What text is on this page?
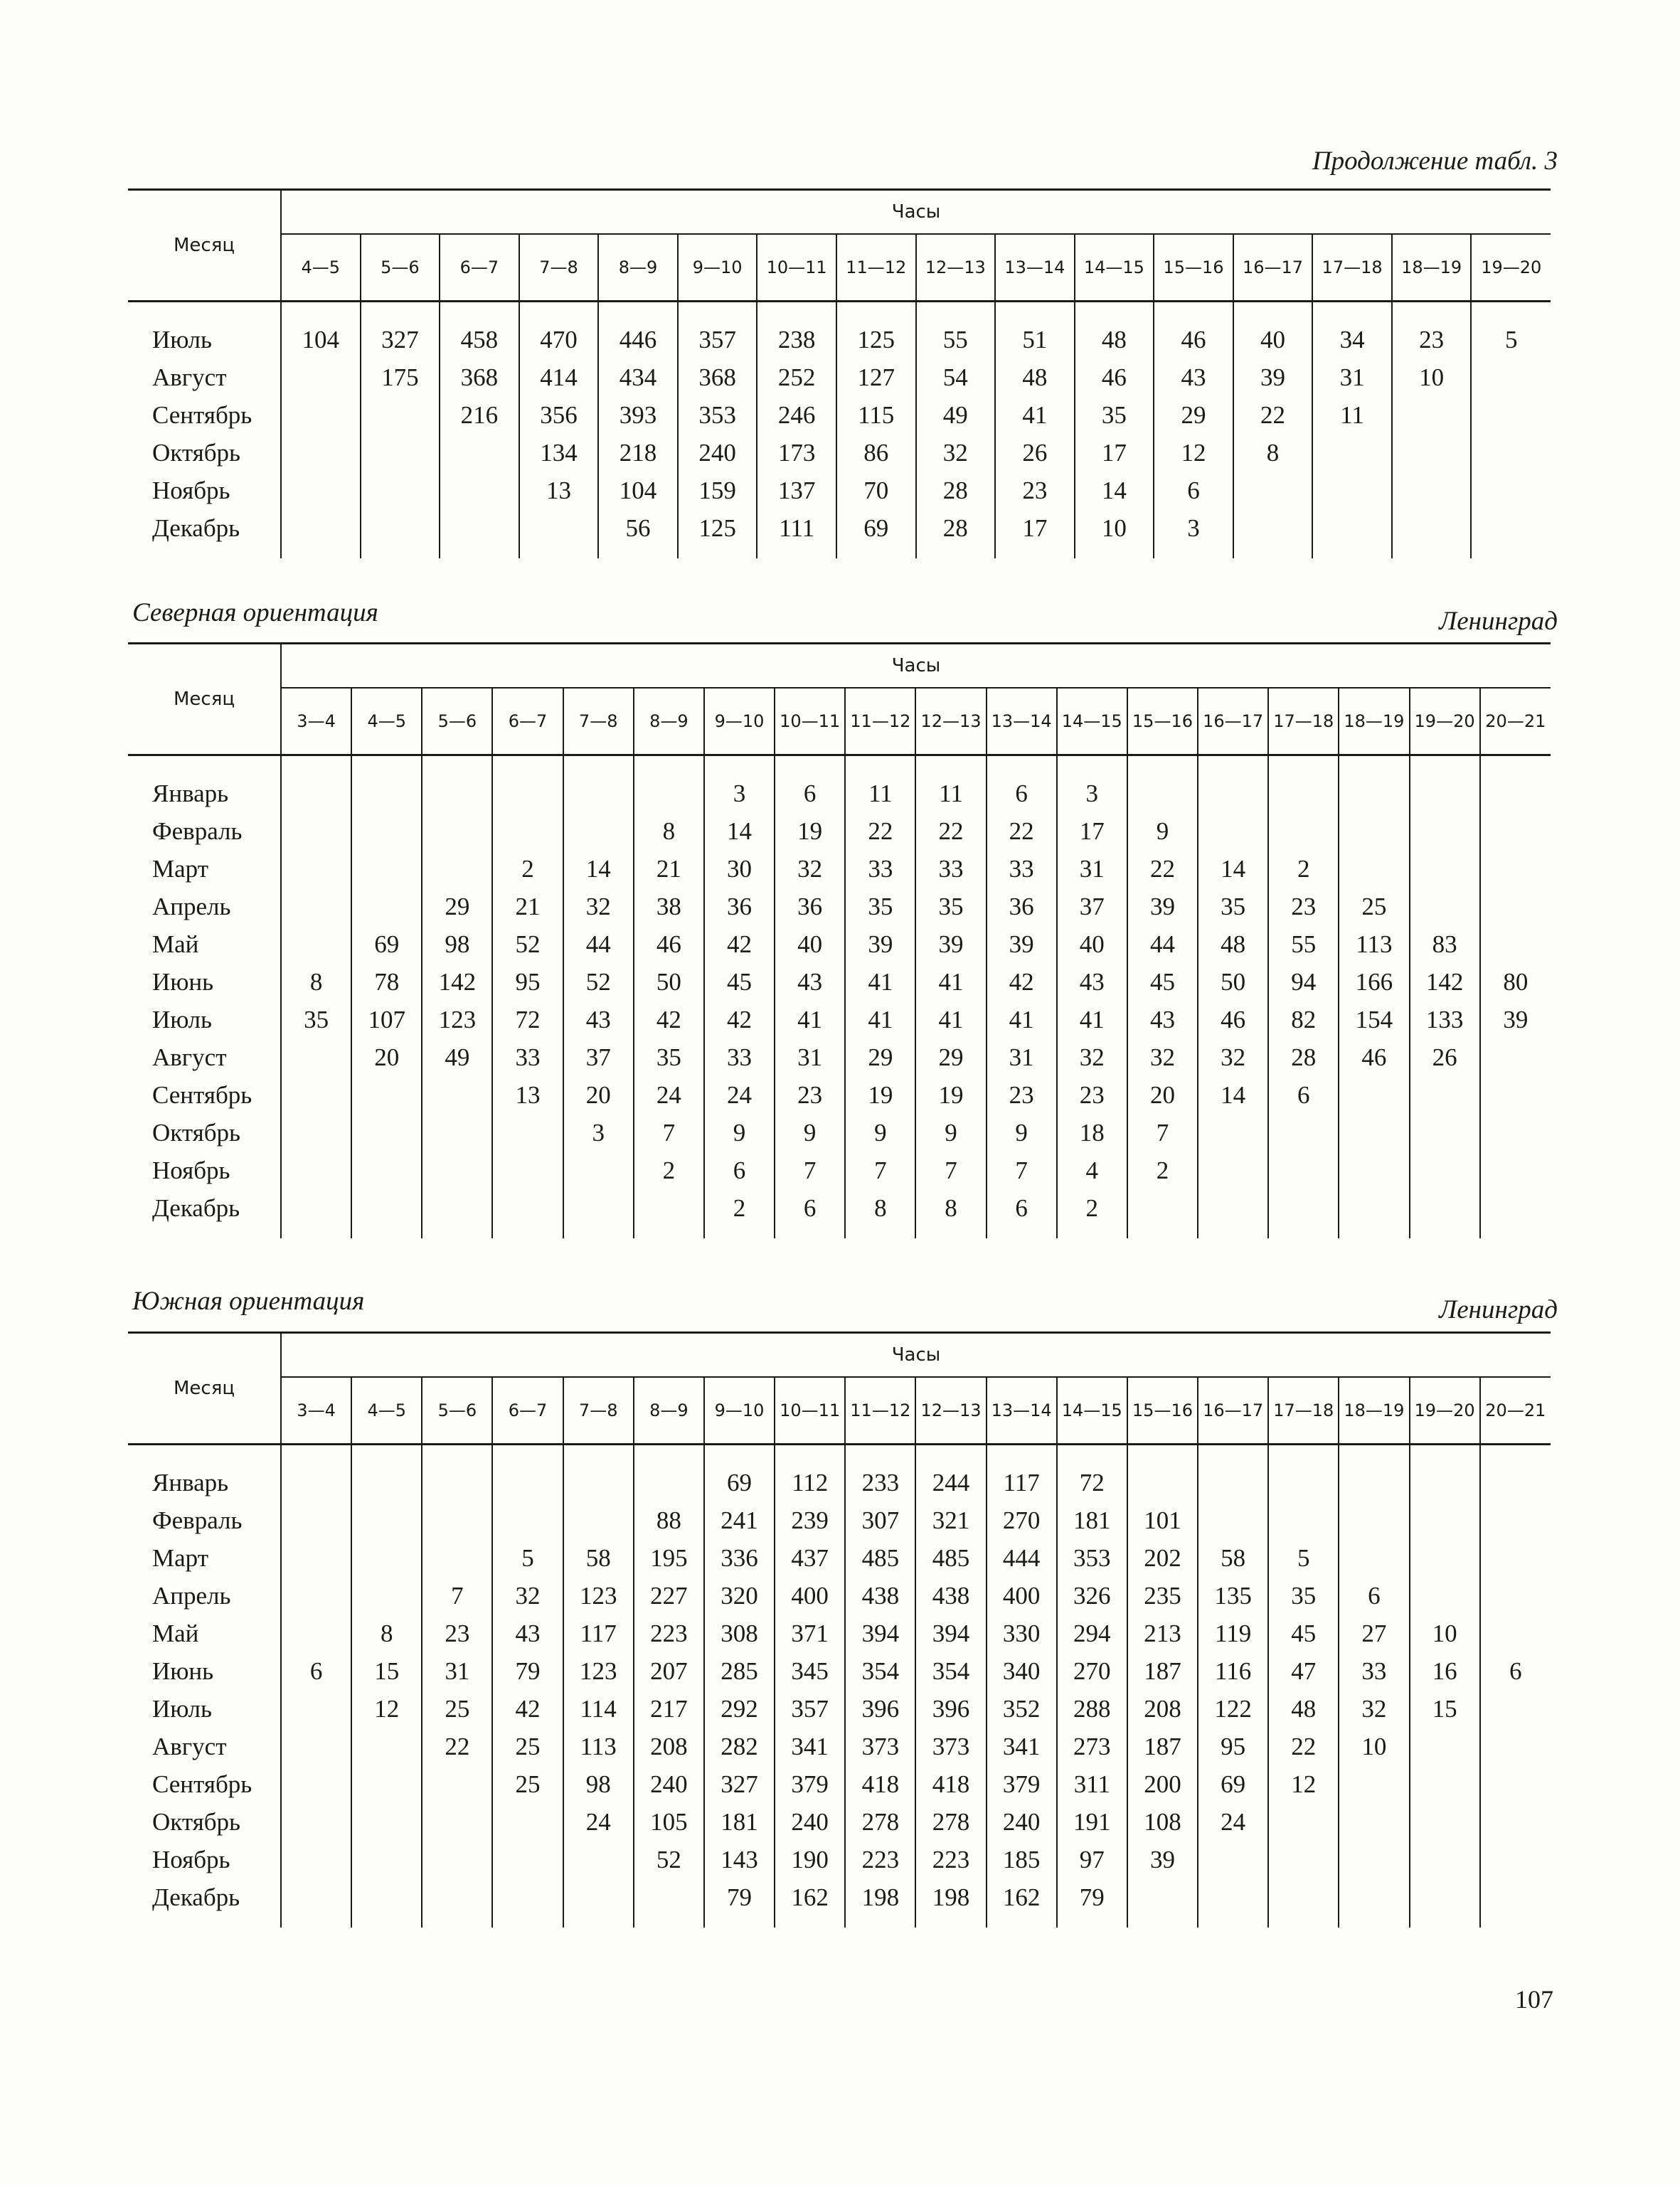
Продолжение табл. 3
Месяц	Часы															
	4—5	5—6	6—7	7—8	8—9	9—10	10—11	11—12	12—13	13—14	14—15	15—16	16—17	17—18	18—19	19—20
Июль	104	327	458	470	446	357	238	125	55	51	48	46	40	34	23	5
Август		175	368	414	434	368	252	127	54	48	46	43	39	31	10	
Сентябрь			216	356	393	353	246	115	49	41	35	29	22	11		
Октябрь				134	218	240	173	86	32	26	17	12	8			
Ноябрь				13	104	159	137	70	28	23	14	6				
Декабрь					56	125	111	69	28	17	10	3				
Северная ориентация	Ленинград
Месяц	Часы																	
	3—4	4—5	5—6	6—7	7—8	8—9	9—10	10—11	11—12	12—13	13—14	14—15	15—16	16—17	17—18	18—19	19—20	20—21
Январь							3	6	11	11	6	3						
Февраль						8	14	19	22	22	22	17	9					
Март				2	14	21	30	32	33	33	33	31	22	14	2			
Апрель			29	21	32	38	36	36	35	35	36	37	39	35	23	25		
Май		69	98	52	44	46	42	40	39	39	39	40	44	48	55	113	83	
Июнь	8	78	142	95	52	50	45	43	41	41	42	43	45	50	94	166	142	80
Июль	35	107	123	72	43	42	42	41	41	41	41	41	43	46	82	154	133	39
Август		20	49	33	37	35	33	31	29	29	31	32	32	32	28	46	26	
Сентябрь				13	20	24	24	23	19	19	23	23	20	14	6			
Октябрь					3	7	9	9	9	9	9	18	7					
Ноябрь						2	6	7	7	7	7	4	2					
Декабрь							2	6	8	8	6	2						
Южная ориентация	Ленинград
Месяц	Часы																	
	3—4	4—5	5—6	6—7	7—8	8—9	9—10	10—11	11—12	12—13	13—14	14—15	15—16	16—17	17—18	18—19	19—20	20—21
Январь							69	112	233	244	117	72						
Февраль						88	241	239	307	321	270	181	101					
Март				5	58	195	336	437	485	485	444	353	202	58	5			
Апрель			7	32	123	227	320	400	438	438	400	326	235	135	35	6		
Май		8	23	43	117	223	308	371	394	394	330	294	213	119	45	27	10	
Июнь	6	15	31	79	123	207	285	345	354	354	340	270	187	116	47	33	16	6
Июль		12	25	42	114	217	292	357	396	396	352	288	208	122	48	32	15	
Август			22	25	113	208	282	341	373	373	341	273	187	95	22	10		
Сентябрь				25	98	240	327	379	418	418	379	311	200	69	12			
Октябрь					24	105	181	240	278	278	240	191	108	24				
Ноябрь						52	143	190	223	223	185	97	39					
Декабрь							79	162	198	198	162	79						
107
